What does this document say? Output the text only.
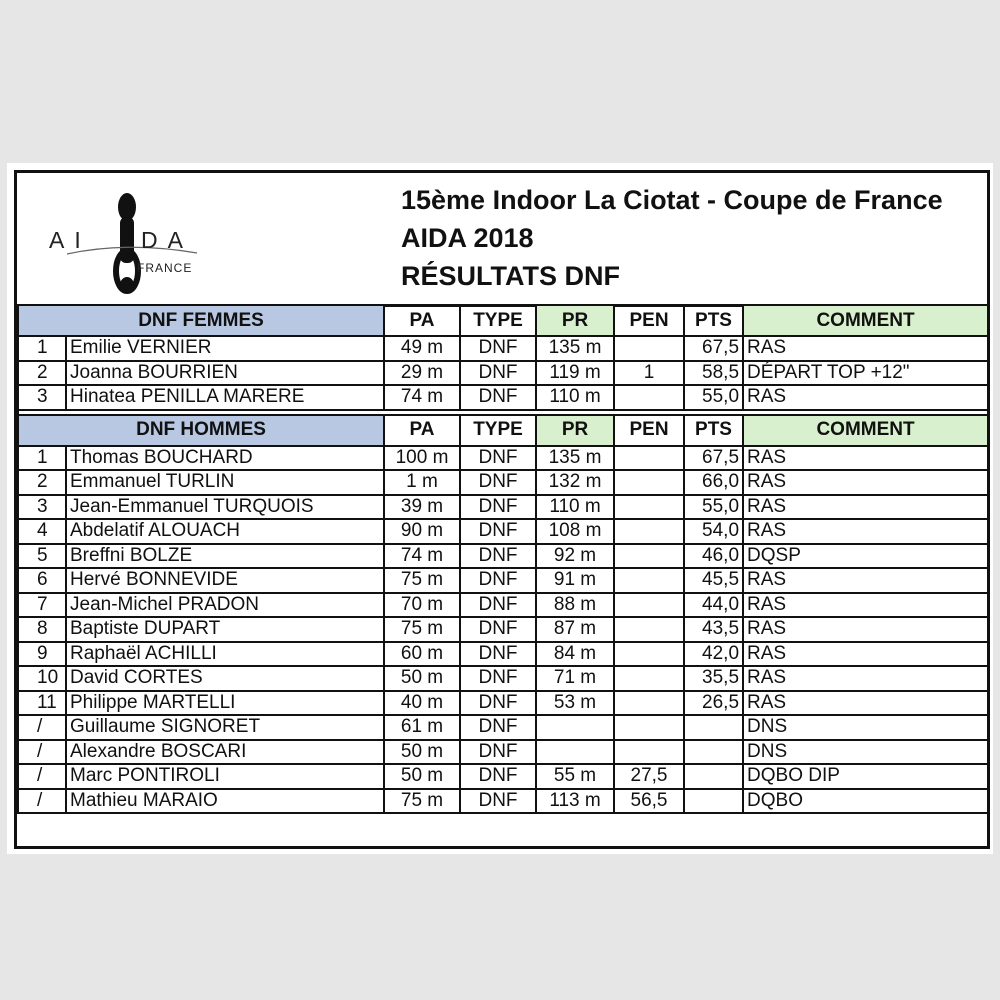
AI DA
FRANCE
15ème Indoor La Ciotat - Coupe de France
AIDA 2018
RÉSULTATS DNF
DNF FEMMES		PA	TYPE	PR	PEN	PTS	COMMENT
1	Emilie VERNIER	49 m	DNF	135 m		67,5	RAS
2	Joanna BOURRIEN	29 m	DNF	119 m	1	58,5	DÉPART TOP +12"
3	Hinatea PENILLA MARERE	74 m	DNF	110 m		55,0	RAS

DNF HOMMES		PA	TYPE	PR	PEN	PTS	COMMENT
1	Thomas BOUCHARD	100 m	DNF	135 m		67,5	RAS
2	Emmanuel TURLIN	1 m	DNF	132 m		66,0	RAS
3	Jean-Emmanuel TURQUOIS	39 m	DNF	110 m		55,0	RAS
4	Abdelatif ALOUACH	90 m	DNF	108 m		54,0	RAS
5	Breffni BOLZE	74 m	DNF	92 m		46,0	DQSP
6	Hervé BONNEVIDE	75 m	DNF	91 m		45,5	RAS
7	Jean-Michel PRADON	70 m	DNF	88 m		44,0	RAS
8	Baptiste DUPART	75 m	DNF	87 m		43,5	RAS
9	Raphaël ACHILLI	60 m	DNF	84 m		42,0	RAS
10	David CORTES	50 m	DNF	71 m		35,5	RAS
11	Philippe MARTELLI	40 m	DNF	53 m		26,5	RAS
/	Guillaume SIGNORET	61 m	DNF				DNS
/	Alexandre BOSCARI	50 m	DNF				DNS
/	Marc PONTIROLI	50 m	DNF	55 m	27,5		DQBO DIP
/	Mathieu MARAIO	75 m	DNF	113 m	56,5		DQBO
